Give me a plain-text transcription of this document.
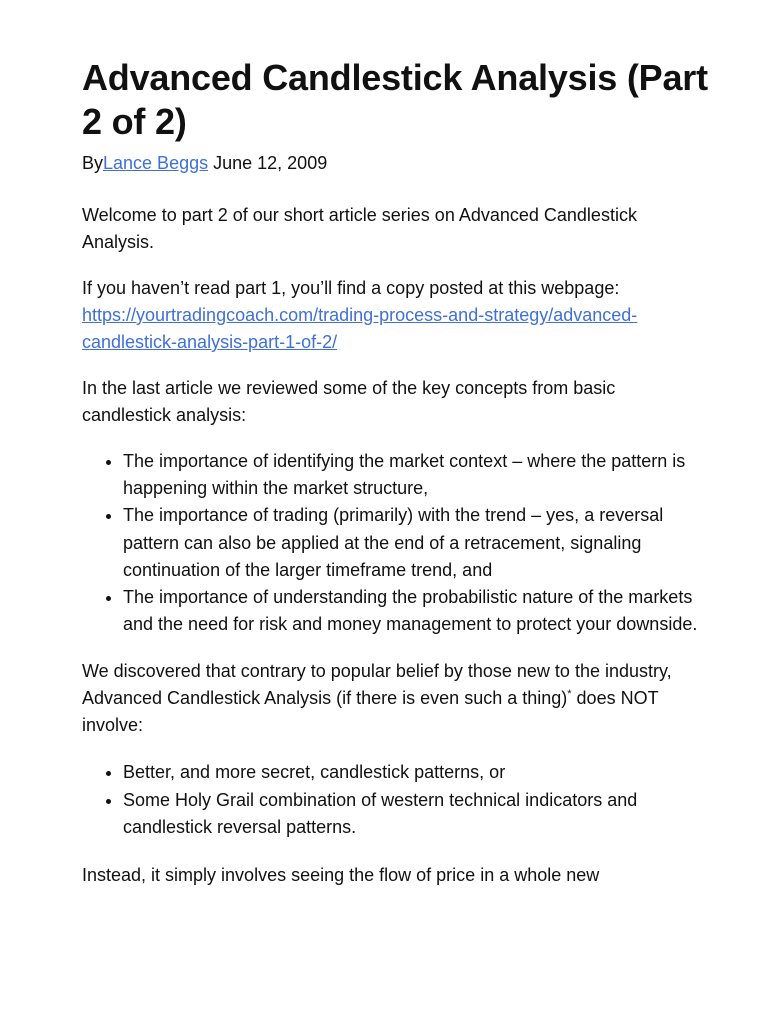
Advanced Candlestick Analysis (Part 2 of 2)
ByLance Beggs June 12, 2009

Welcome to part 2 of our short article series on Advanced Candlestick Analysis.

If you haven’t read part 1, you’ll find a copy posted at this webpage: https://yourtradingcoach.com/trading-process-and-strategy/advanced-candlestick-analysis-part-1-of-2/

In the last article we reviewed some of the key concepts from basic candlestick analysis:

• The importance of identifying the market context – where the pattern is happening within the market structure,
• The importance of trading (primarily) with the trend – yes, a reversal pattern can also be applied at the end of a retracement, signaling continuation of the larger timeframe trend, and
• The importance of understanding the probabilistic nature of the markets and the need for risk and money management to protect your downside.

We discovered that contrary to popular belief by those new to the industry, Advanced Candlestick Analysis (if there is even such a thing)* does NOT involve:

• Better, and more secret, candlestick patterns, or
• Some Holy Grail combination of western technical indicators and candlestick reversal patterns.

Instead, it simply involves seeing the flow of price in a whole new
